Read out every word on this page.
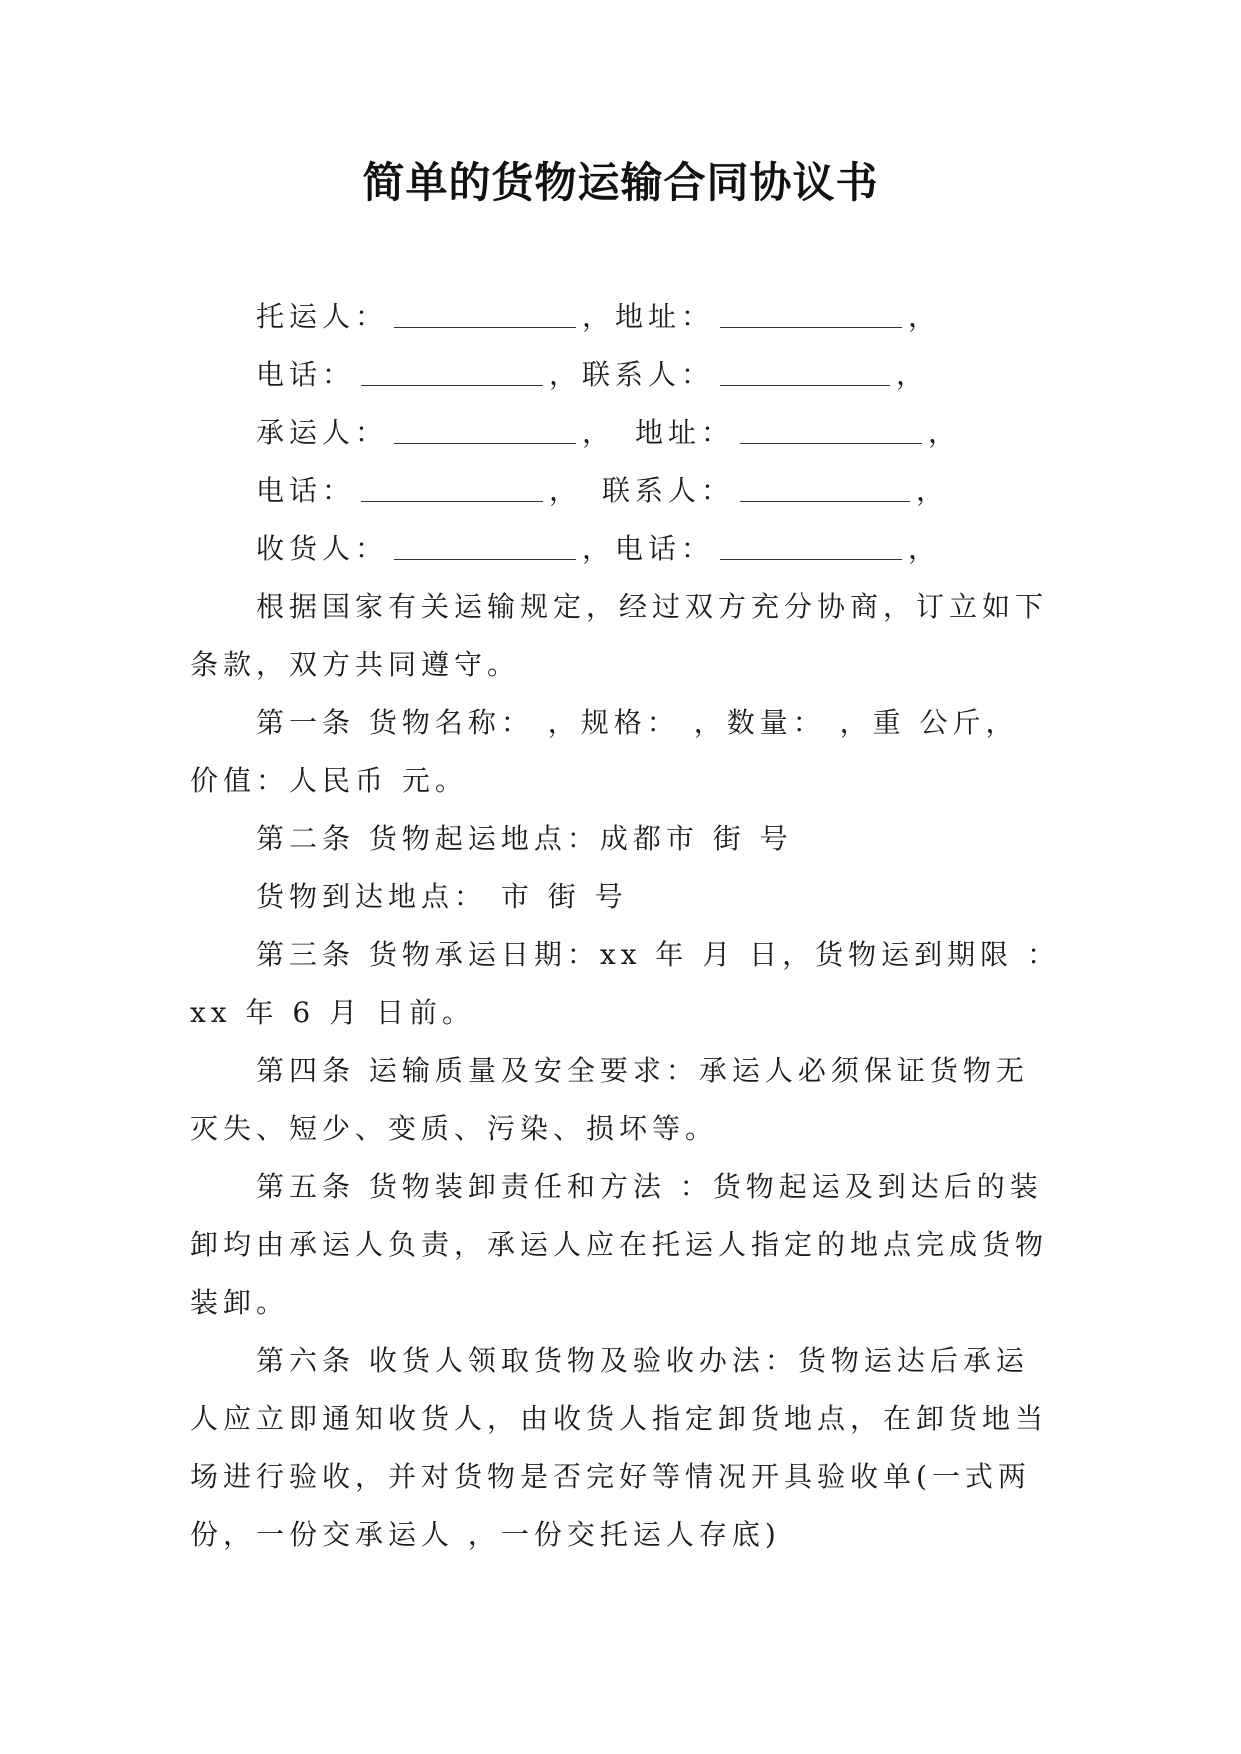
简单的货物运输合同协议书
托运人：	，地址：	，
电话：	，联系人：	，
承运人：	， 地址：	，
电话：	， 联系人：	，
收货人：	，电话：	，
根据国家有关运输规定，经过双方充分协商，订立如下
条款，双方共同遵守。
第一条 货物名称： ，规格： ，数量： ，重 公斤，
价值：人民币 元。
第二条 货物起运地点：成都市 街 号
货物到达地点： 市 街 号
第三条 货物承运日期：xx 年 月 日，货物运到期限 ：
xx 年 6 月 日前。
第四条 运输质量及安全要求：承运人必须保证货物无
灭失、短少、变质、污染、损坏等。
第五条 货物装卸责任和方法 ：货物起运及到达后的装
卸均由承运人负责，承运人应在托运人指定的地点完成货物
装卸。
第六条 收货人领取货物及验收办法：货物运达后承运
人应立即通知收货人，由收货人指定卸货地点，在卸货地当
场进行验收，并对货物是否完好等情况开具验收单(一式两
份，一份交承运人 ，一份交托运人存底)
